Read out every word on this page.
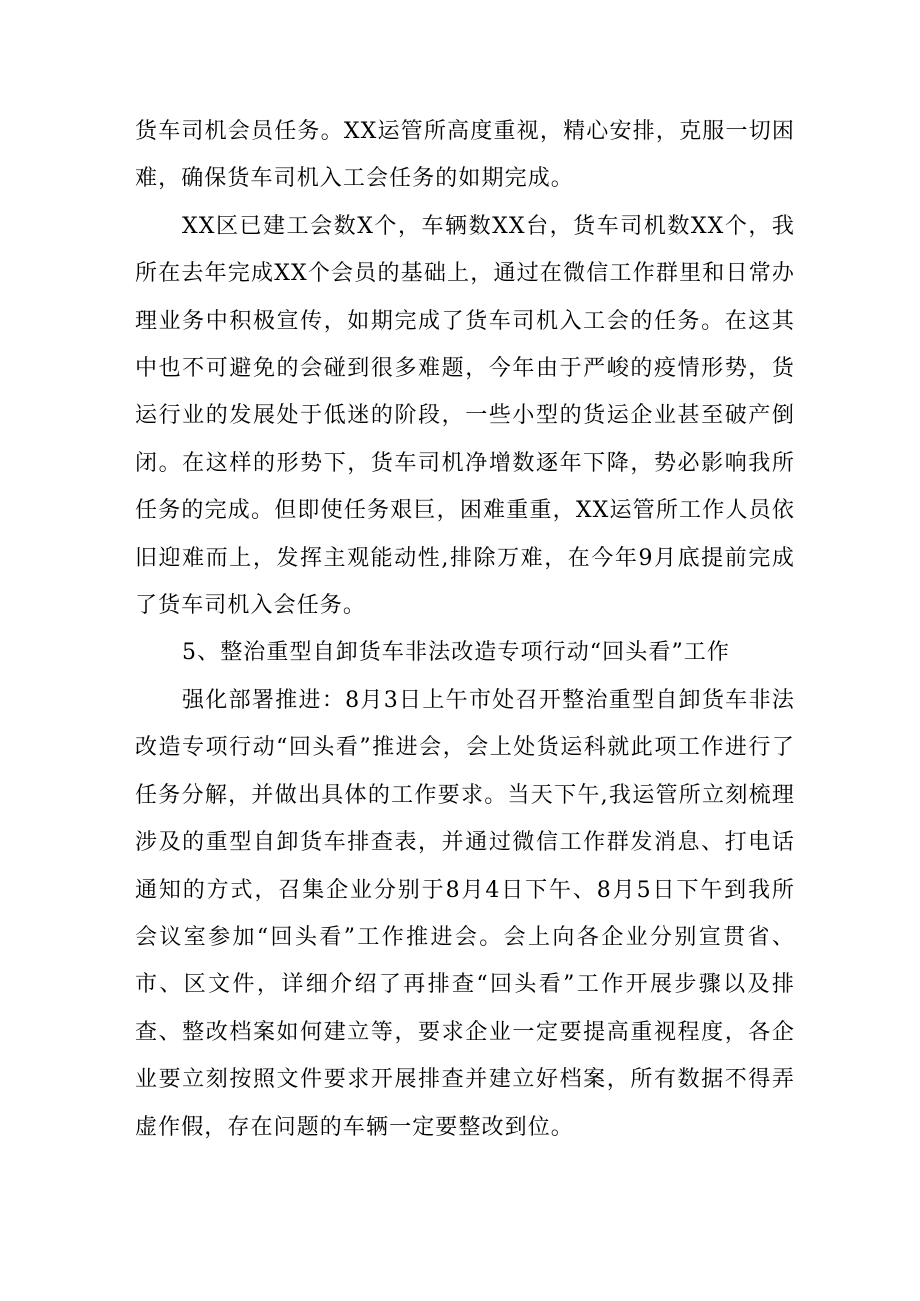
货车司机会员任务。XX运管所高度重视，精心安排，克服一切困难，确保货车司机入工会任务的如期完成。

XX区已建工会数X个，车辆数XX台，货车司机数XX个，我所在去年完成XX个会员的基础上，通过在微信工作群里和日常办理业务中积极宣传，如期完成了货车司机入工会的任务。在这其中也不可避免的会碰到很多难题，今年由于严峻的疫情形势，货运行业的发展处于低迷的阶段，一些小型的货运企业甚至破产倒闭。在这样的形势下，货车司机净增数逐年下降，势必影响我所任务的完成。但即使任务艰巨，困难重重，XX运管所工作人员依旧迎难而上，发挥主观能动性,排除万难，在今年9月底提前完成了货车司机入会任务。

5、整治重型自卸货车非法改造专项行动“回头看”工作

强化部署推进：8月3日上午市处召开整治重型自卸货车非法改造专项行动“回头看”推进会，会上处货运科就此项工作进行了任务分解，并做出具体的工作要求。当天下午,我运管所立刻梳理涉及的重型自卸货车排查表，并通过微信工作群发消息、打电话通知的方式，召集企业分别于8月4日下午、8月5日下午到我所会议室参加“回头看”工作推进会。会上向各企业分别宣贯省、市、区文件，详细介绍了再排查“回头看”工作开展步骤以及排查、整改档案如何建立等，要求企业一定要提高重视程度，各企业要立刻按照文件要求开展排查并建立好档案，所有数据不得弄虚作假，存在问题的车辆一定要整改到位。
